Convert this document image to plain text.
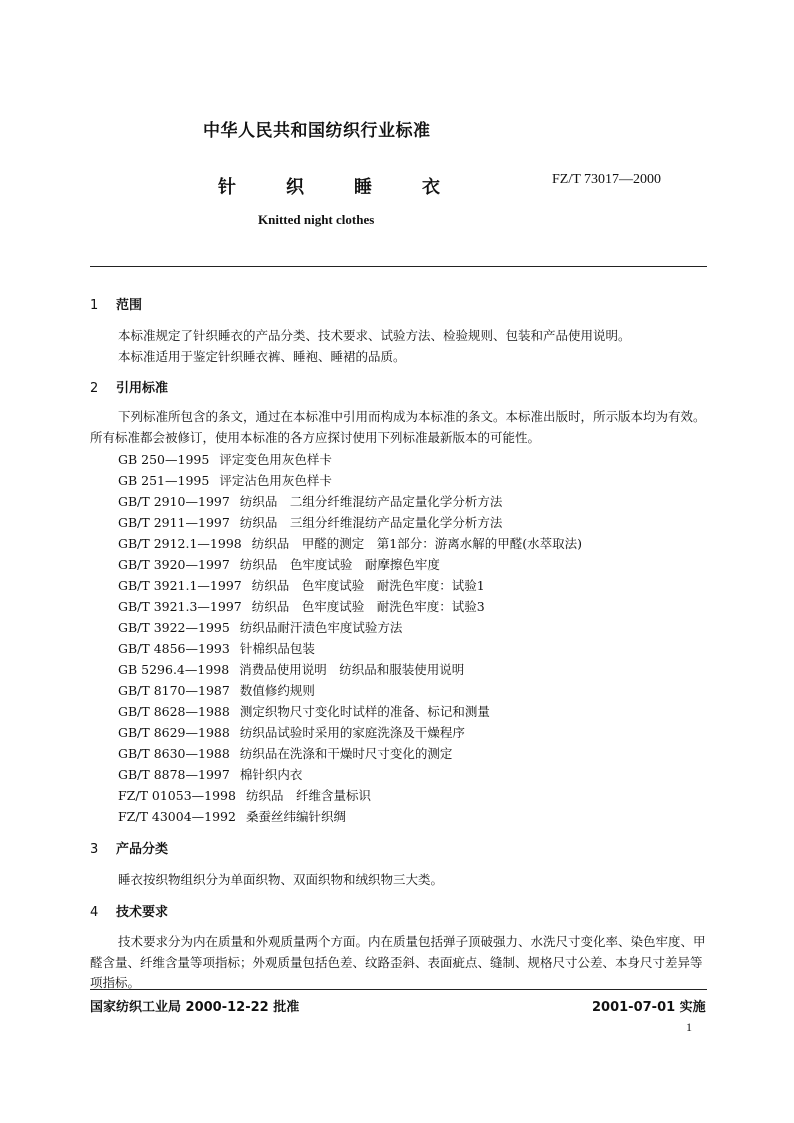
中华人民共和国纺织行业标准
针	织	睡	衣	FZ/T 73017—2000
Knitted night clothes
1 范围
本标准规定了针织睡衣的产品分类、技术要求、试验方法、检验规则、包装和产品使用说明。
本标准适用于鉴定针织睡衣裤、睡袍、睡裙的品质。
2 引用标准
下列标准所包含的条文，通过在本标准中引用而构成为本标准的条文。本标准出版时，所示版本均为有效。所有标准都会被修订，使用本标准的各方应探讨使用下列标准最新版本的可能性。
GB 250—1995 评定变色用灰色样卡
GB 251—1995 评定沾色用灰色样卡
GB/T 2910—1997 纺织品　二组分纤维混纺产品定量化学分析方法
GB/T 2911—1997 纺织品　三组分纤维混纺产品定量化学分析方法
GB/T 2912.1—1998 纺织品　甲醛的测定　第1部分：游离水解的甲醛(水萃取法)
GB/T 3920—1997 纺织品　色牢度试验　耐摩擦色牢度
GB/T 3921.1—1997 纺织品　色牢度试验　耐洗色牢度：试验1
GB/T 3921.3—1997 纺织品　色牢度试验　耐洗色牢度：试验3
GB/T 3922—1995 纺织品耐汗渍色牢度试验方法
GB/T 4856—1993 针棉织品包装
GB 5296.4—1998 消费品使用说明　纺织品和服装使用说明
GB/T 8170—1987 数值修约规则
GB/T 8628—1988 测定织物尺寸变化时试样的准备、标记和测量
GB/T 8629—1988 纺织品试验时采用的家庭洗涤及干燥程序
GB/T 8630—1988 纺织品在洗涤和干燥时尺寸变化的测定
GB/T 8878—1997 棉针织内衣
FZ/T 01053—1998 纺织品　纤维含量标识
FZ/T 43004—1992 桑蚕丝纬编针织绸
3 产品分类
睡衣按织物组织分为单面织物、双面织物和绒织物三大类。
4 技术要求
技术要求分为内在质量和外观质量两个方面。内在质量包括弹子顶破强力、水洗尺寸变化率、染色牢度、甲醛含量、纤维含量等项指标；外观质量包括色差、纹路歪斜、表面疵点、缝制、规格尺寸公差、本身尺寸差异等项指标。
国家纺织工业局 2000-12-22 批准	2001-07-01 实施
1
